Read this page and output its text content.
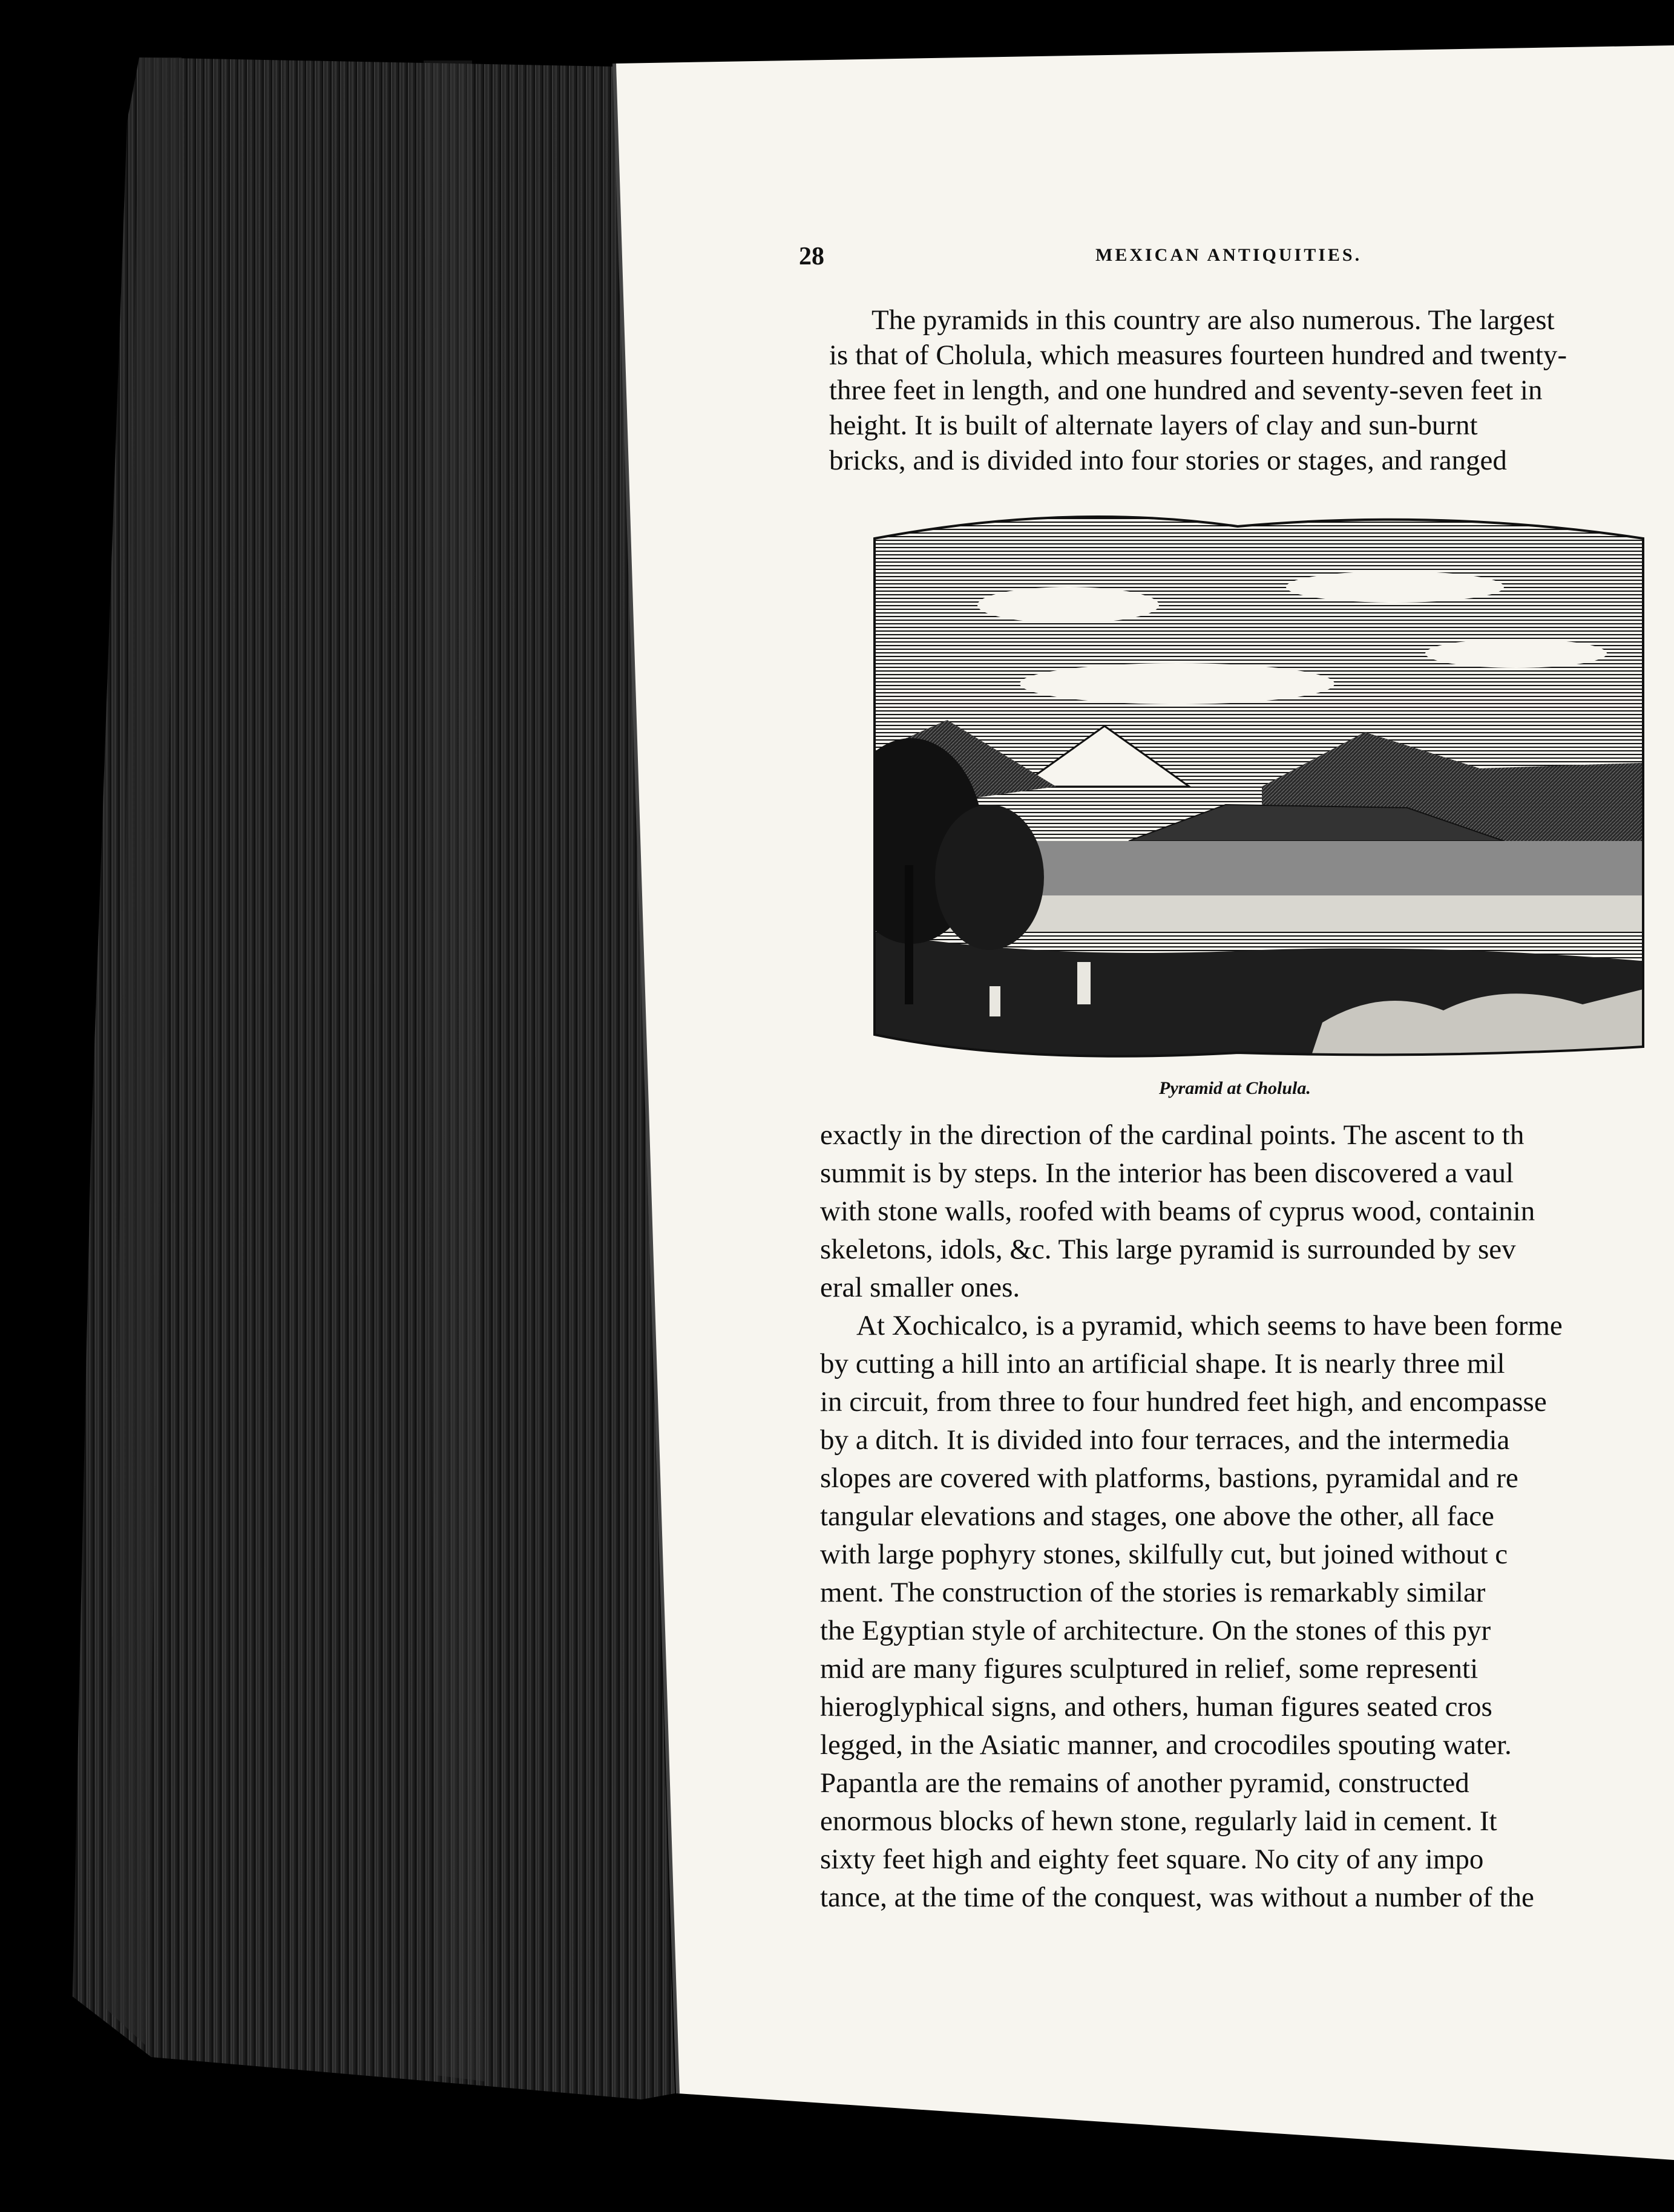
28	MEXICAN ANTIQUITIES.

The pyramids in this country are also numerous. The largest

is that of Cholula, which measures fourteen hundred and twenty-

three feet in length, and one hundred and seventy-seven feet in

height. It is built of alternate layers of clay and sun-burnt

bricks, and is divided into four stories or stages, and ranged

Pyramid at Cholula.

exactly in the direction of the cardinal points. The ascent to th

summit is by steps. In the interior has been discovered a vaul

with stone walls, roofed with beams of cyprus wood, containin

skeletons, idols, &c. This large pyramid is surrounded by sev

eral smaller ones.

At Xochicalco, is a pyramid, which seems to have been forme

by cutting a hill into an artificial shape. It is nearly three mil

in circuit, from three to four hundred feet high, and encompasse

by a ditch. It is divided into four terraces, and the intermedia

slopes are covered with platforms, bastions, pyramidal and re

tangular elevations and stages, one above the other, all face

with large pophyry stones, skilfully cut, but joined without c

ment. The construction of the stories is remarkably similar

the Egyptian style of architecture. On the stones of this pyr

mid are many figures sculptured in relief, some representi

hieroglyphical signs, and others, human figures seated cros

legged, in the Asiatic manner, and crocodiles spouting water.

Papantla are the remains of another pyramid, constructed

enormous blocks of hewn stone, regularly laid in cement. It

sixty feet high and eighty feet square. No city of any impo

tance, at the time of the conquest, was without a number of the
